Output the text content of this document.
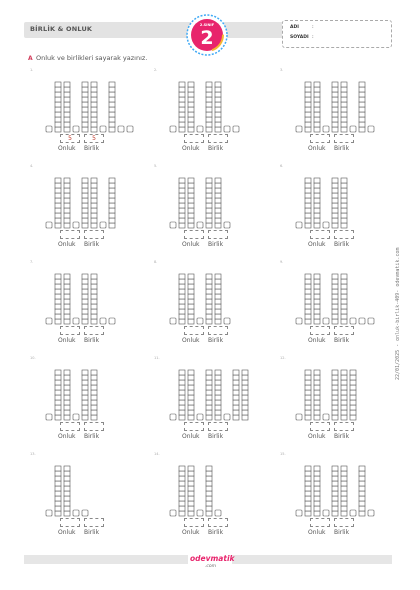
BİRLİK & ONLUK	2.SINIF
2	ADI	:
SOYADI :
A Onluk ve birlikleri sayarak yazınız.
1.
5	5
Onluk Birlik
2.
Onluk Birlik
3.
Onluk Birlik
4.
Onluk Birlik
5.
Onluk Birlik
6.
Onluk Birlik
7.
Onluk Birlik
8.
Onluk Birlik
9.
Onluk Birlik
10.
Onluk Birlik
11.
Onluk Birlik
12.
Onluk Birlik
13.
Onluk Birlik
14.
Onluk Birlik
15.
Onluk Birlik
22/01/2025 - onluk-birlik-409- odevmatik.com
odevmatik
.com
